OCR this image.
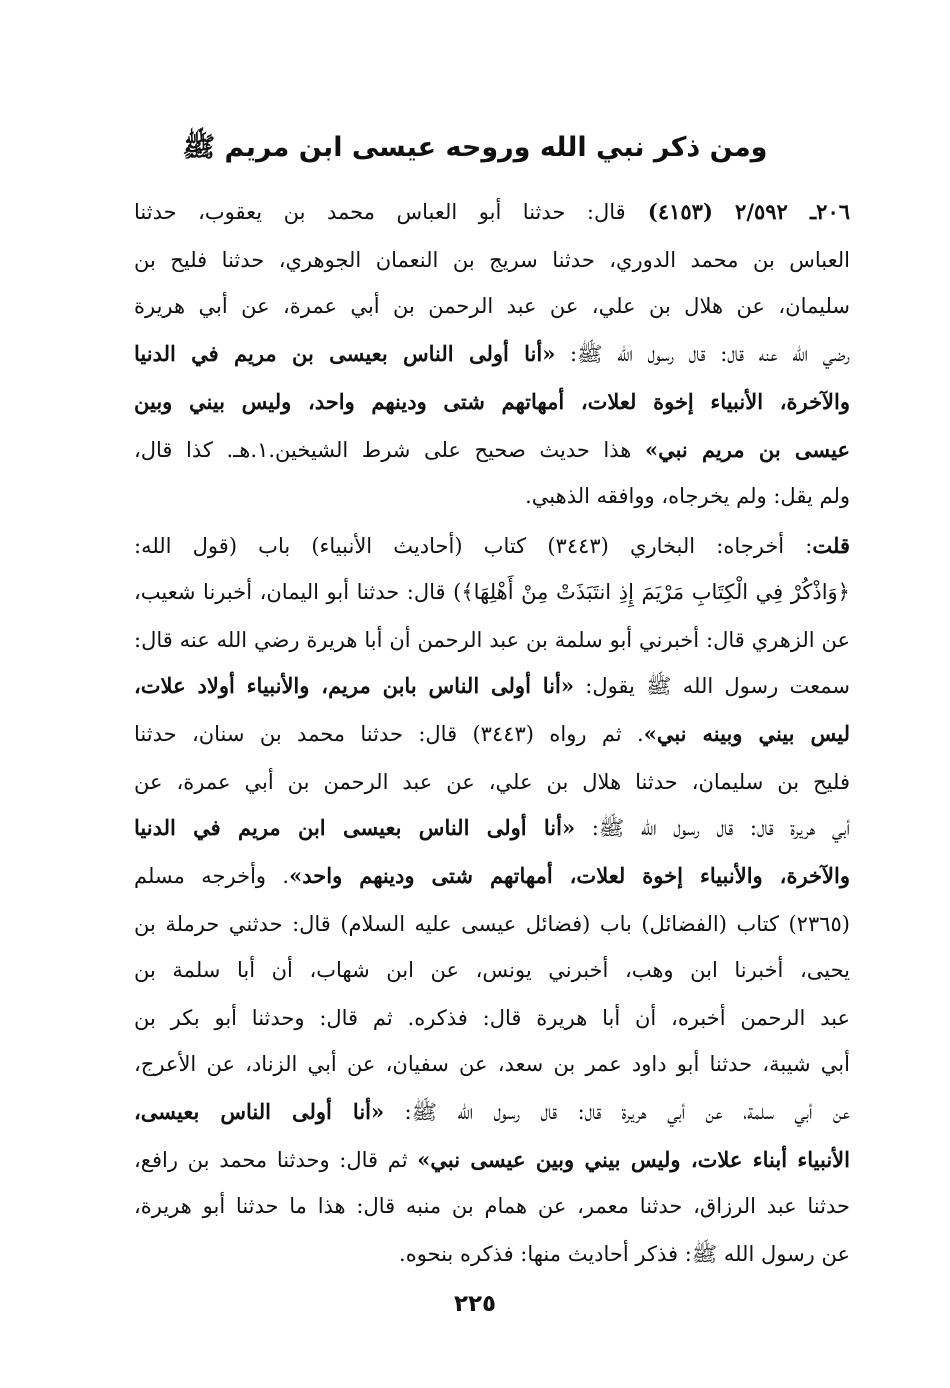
ومن ذكر نبي الله وروحه عيسى ابن مريم ﷺ
٢٠٦ـ ٢/٥٩٢ (٤١٥٣) قال: حدثنا أبو العباس محمد بن يعقوب، حدثنا
العباس بن محمد الدوري، حدثنا سريج بن النعمان الجوهري، حدثنا فليح بن
سليمان، عن هلال بن علي، عن عبد الرحمن بن أبي عمرة، عن أبي هريرة
رضي الله عنه قال: قال رسول الله ﷺ: «أنا أولى الناس بعيسى بن مريم في الدنيا
والآخرة، الأنبياء إخوة لعلات، أمهاتهم شتى ودينهم واحد، وليس بيني وبين
عيسى بن مريم نبي» هذا حديث صحيح على شرط الشيخين.١.هـ. كذا قال،
ولم يقل: ولم يخرجاه، ووافقه الذهبي.
قلت: أخرجاه: البخاري (٣٤٤٣) كتاب (أحاديث الأنبياء) باب (قول الله:
﴿وَاذْكُرْ فِي الْكِتَابِ مَرْيَمَ إِذِ انتَبَذَتْ مِنْ أَهْلِهَا﴾) قال: حدثنا أبو اليمان، أخبرنا شعيب،
عن الزهري قال: أخبرني أبو سلمة بن عبد الرحمن أن أبا هريرة رضي الله عنه قال:
سمعت رسول الله ﷺ يقول: «أنا أولى الناس بابن مريم، والأنبياء أولاد علات،
ليس بيني وبينه نبي». ثم رواه (٣٤٤٣) قال: حدثنا محمد بن سنان، حدثنا
فليح بن سليمان، حدثنا هلال بن علي، عن عبد الرحمن بن أبي عمرة، عن
أبي هريرة قال: قال رسول الله ﷺ: «أنا أولى الناس بعيسى ابن مريم في الدنيا
والآخرة، والأنبياء إخوة لعلات، أمهاتهم شتى ودينهم واحد». وأخرجه مسلم
(٢٣٦٥) كتاب (الفضائل) باب (فضائل عيسى عليه السلام) قال: حدثني حرملة بن
يحيى، أخبرنا ابن وهب، أخبرني يونس، عن ابن شهاب، أن أبا سلمة بن
عبد الرحمن أخبره، أن أبا هريرة قال: فذكره. ثم قال: وحدثنا أبو بكر بن
أبي شيبة، حدثنا أبو داود عمر بن سعد، عن سفيان، عن أبي الزناد، عن الأعرج،
عن أبي سلمة، عن أبي هريرة قال: قال رسول الله ﷺ: «أنا أولى الناس بعيسى،
الأنبياء أبناء علات، وليس بيني وبين عيسى نبي» ثم قال: وحدثنا محمد بن رافع،
حدثنا عبد الرزاق، حدثنا معمر، عن همام بن منبه قال: هذا ما حدثنا أبو هريرة،
عن رسول الله ﷺ: فذكر أحاديث منها: فذكره بنحوه.
٢٢٥
